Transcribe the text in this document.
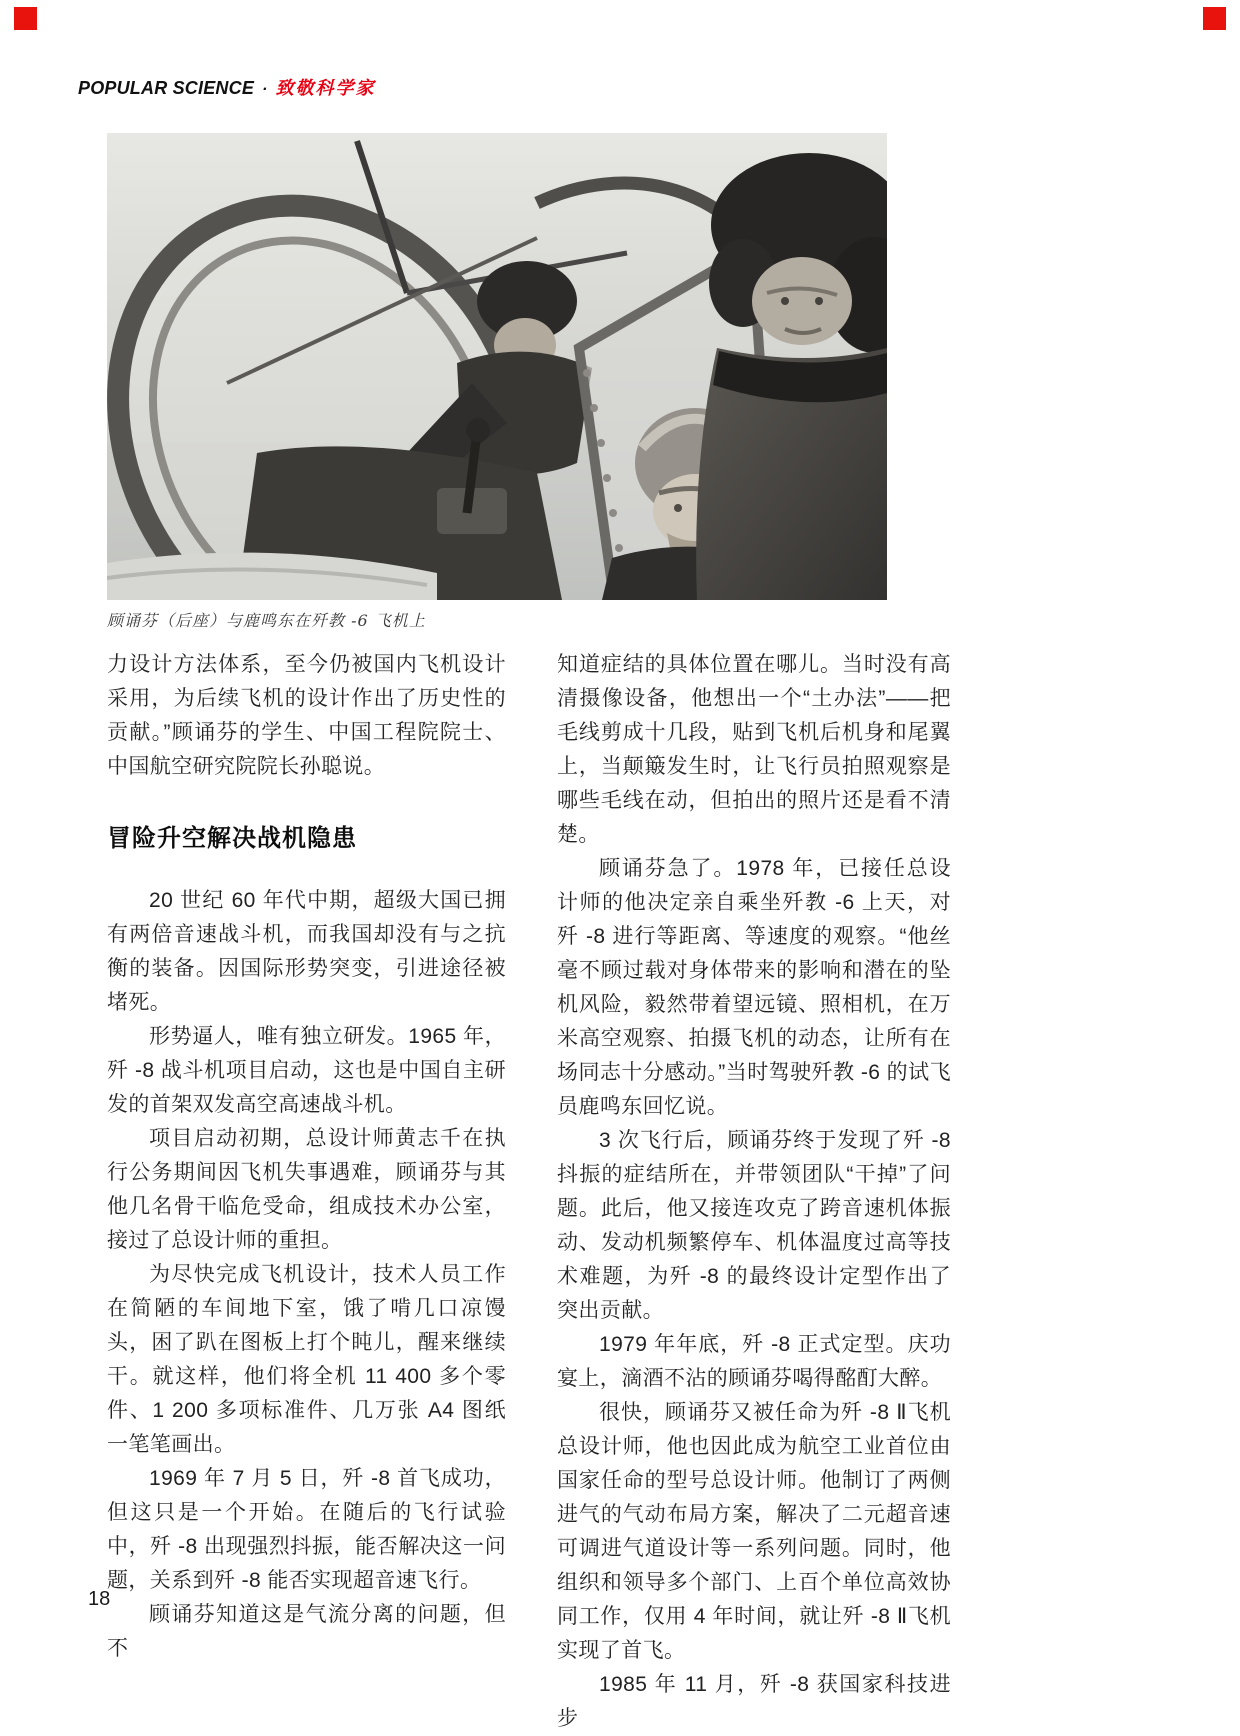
POPULAR SCIENCE · 致敬科学家
顾诵芬（后座）与鹿鸣东在歼教 -6 飞机上

力设计方法体系，至今仍被国内飞机设计采用，为后续飞机的设计作出了历史性的贡献。”顾诵芬的学生、中国工程院院士、中国航空研究院院长孙聪说。

冒险升空解决战机隐患

20 世纪 60 年代中期，超级大国已拥有两倍音速战斗机，而我国却没有与之抗衡的装备。因国际形势突变，引进途径被堵死。

形势逼人，唯有独立研发。1965 年，歼 -8 战斗机项目启动，这也是中国自主研发的首架双发高空高速战斗机。

项目启动初期，总设计师黄志千在执行公务期间因飞机失事遇难，顾诵芬与其他几名骨干临危受命，组成技术办公室，接过了总设计师的重担。

为尽快完成飞机设计，技术人员工作在简陋的车间地下室，饿了啃几口凉馒头，困了趴在图板上打个盹儿，醒来继续干。就这样，他们将全机 11 400 多个零件、1 200 多项标准件、几万张 A4 图纸一笔笔画出。

1969 年 7 月 5 日，歼 -8 首飞成功，但这只是一个开始。在随后的飞行试验中，歼 -8 出现强烈抖振，能否解决这一问题，关系到歼 -8 能否实现超音速飞行。

顾诵芬知道这是气流分离的问题，但不

知道症结的具体位置在哪儿。当时没有高清摄像设备，他想出一个“土办法”——把毛线剪成十几段，贴到飞机后机身和尾翼上，当颠簸发生时，让飞行员拍照观察是哪些毛线在动，但拍出的照片还是看不清楚。

顾诵芬急了。1978 年，已接任总设计师的他决定亲自乘坐歼教 -6 上天，对歼 -8 进行等距离、等速度的观察。“他丝毫不顾过载对身体带来的影响和潜在的坠机风险，毅然带着望远镜、照相机，在万米高空观察、拍摄飞机的动态，让所有在场同志十分感动。”当时驾驶歼教 -6 的试飞员鹿鸣东回忆说。

3 次飞行后，顾诵芬终于发现了歼 -8 抖振的症结所在，并带领团队“干掉”了问题。此后，他又接连攻克了跨音速机体振动、发动机频繁停车、机体温度过高等技术难题，为歼 -8 的最终设计定型作出了突出贡献。

1979 年年底，歼 -8 正式定型。庆功宴上，滴酒不沾的顾诵芬喝得酩酊大醉。

很快，顾诵芬又被任命为歼 -8 Ⅱ飞机总设计师，他也因此成为航空工业首位由国家任命的型号总设计师。他制订了两侧进气的气动布局方案，解决了二元超音速可调进气道设计等一系列问题。同时，他组织和领导多个部门、上百个单位高效协同工作，仅用 4 年时间，就让歼 -8 Ⅱ飞机实现了首飞。

1985 年 11 月，歼 -8 获国家科技进步

18
